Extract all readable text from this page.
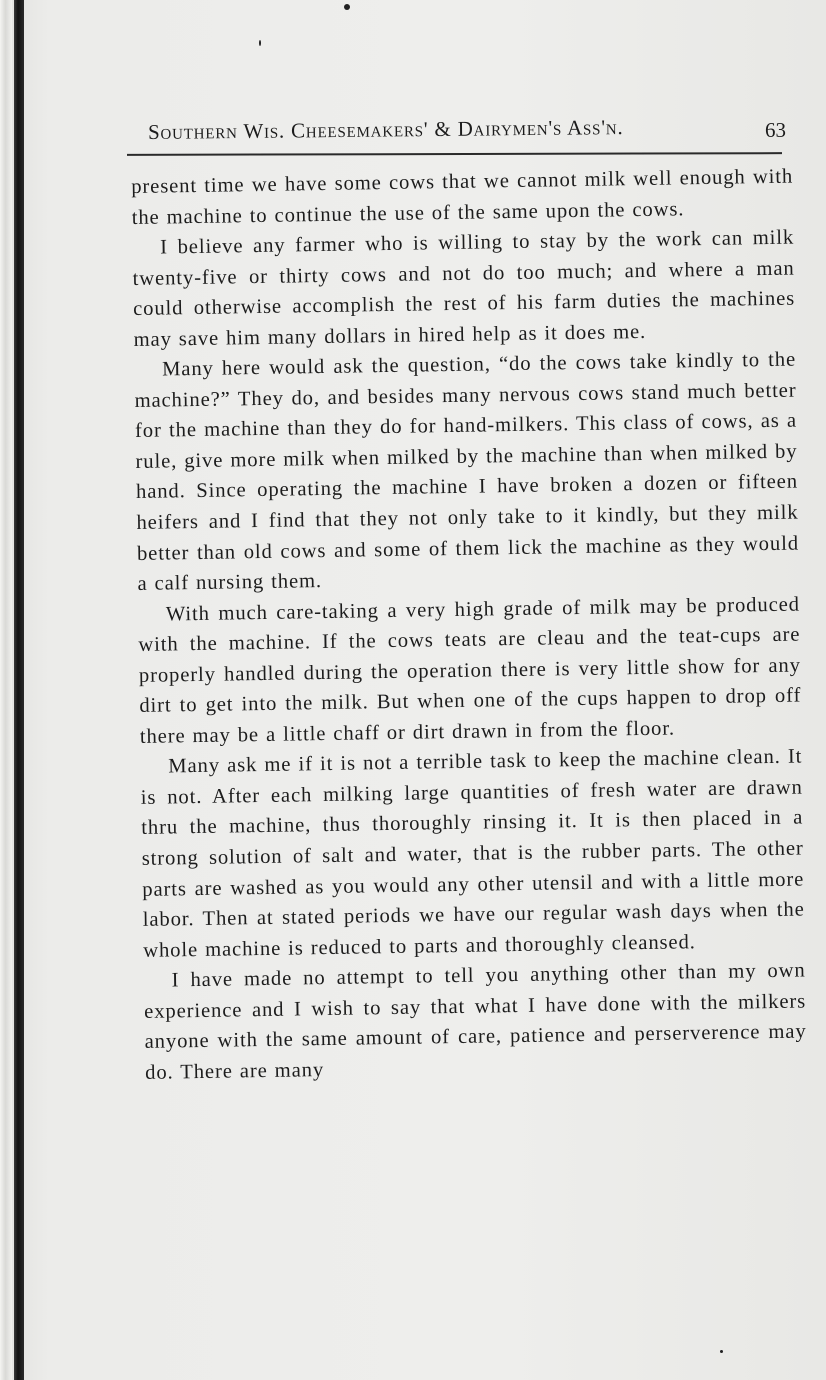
Southern Wis. Cheesemakers' & Dairymen's Ass'n.	63

present time we have some cows that we cannot milk well enough with the machine to continue the use of the same upon the cows.

I believe any farmer who is willing to stay by the work can milk twenty-five or thirty cows and not do too much; and where a man could otherwise accomplish the rest of his farm duties the machines may save him many dollars in hired help as it does me.

Many here would ask the question, “do the cows take kindly to the machine?” They do, and besides many nervous cows stand much better for the machine than they do for hand-milkers. This class of cows, as a rule, give more milk when milked by the machine than when milked by hand. Since operating the machine I have broken a dozen or fifteen heifers and I find that they not only take to it kindly, but they milk better than old cows and some of them lick the machine as they would a calf nursing them.

With much care-taking a very high grade of milk may be produced with the machine. If the cows teats are cleau and the teat-cups are properly handled during the operation there is very little show for any dirt to get into the milk. But when one of the cups happen to drop off there may be a little chaff or dirt drawn in from the floor.

Many ask me if it is not a terrible task to keep the machine clean. It is not. After each milking large quantities of fresh water are drawn thru the machine, thus thoroughly rinsing it. It is then placed in a strong solution of salt and water, that is the rubber parts. The other parts are washed as you would any other utensil and with a little more labor. Then at stated periods we have our regular wash days when the whole machine is reduced to parts and thoroughly cleansed.

I have made no attempt to tell you anything other than my own experience and I wish to say that what I have done with the milkers anyone with the same amount of care, patience and perserverence may do. There are many
